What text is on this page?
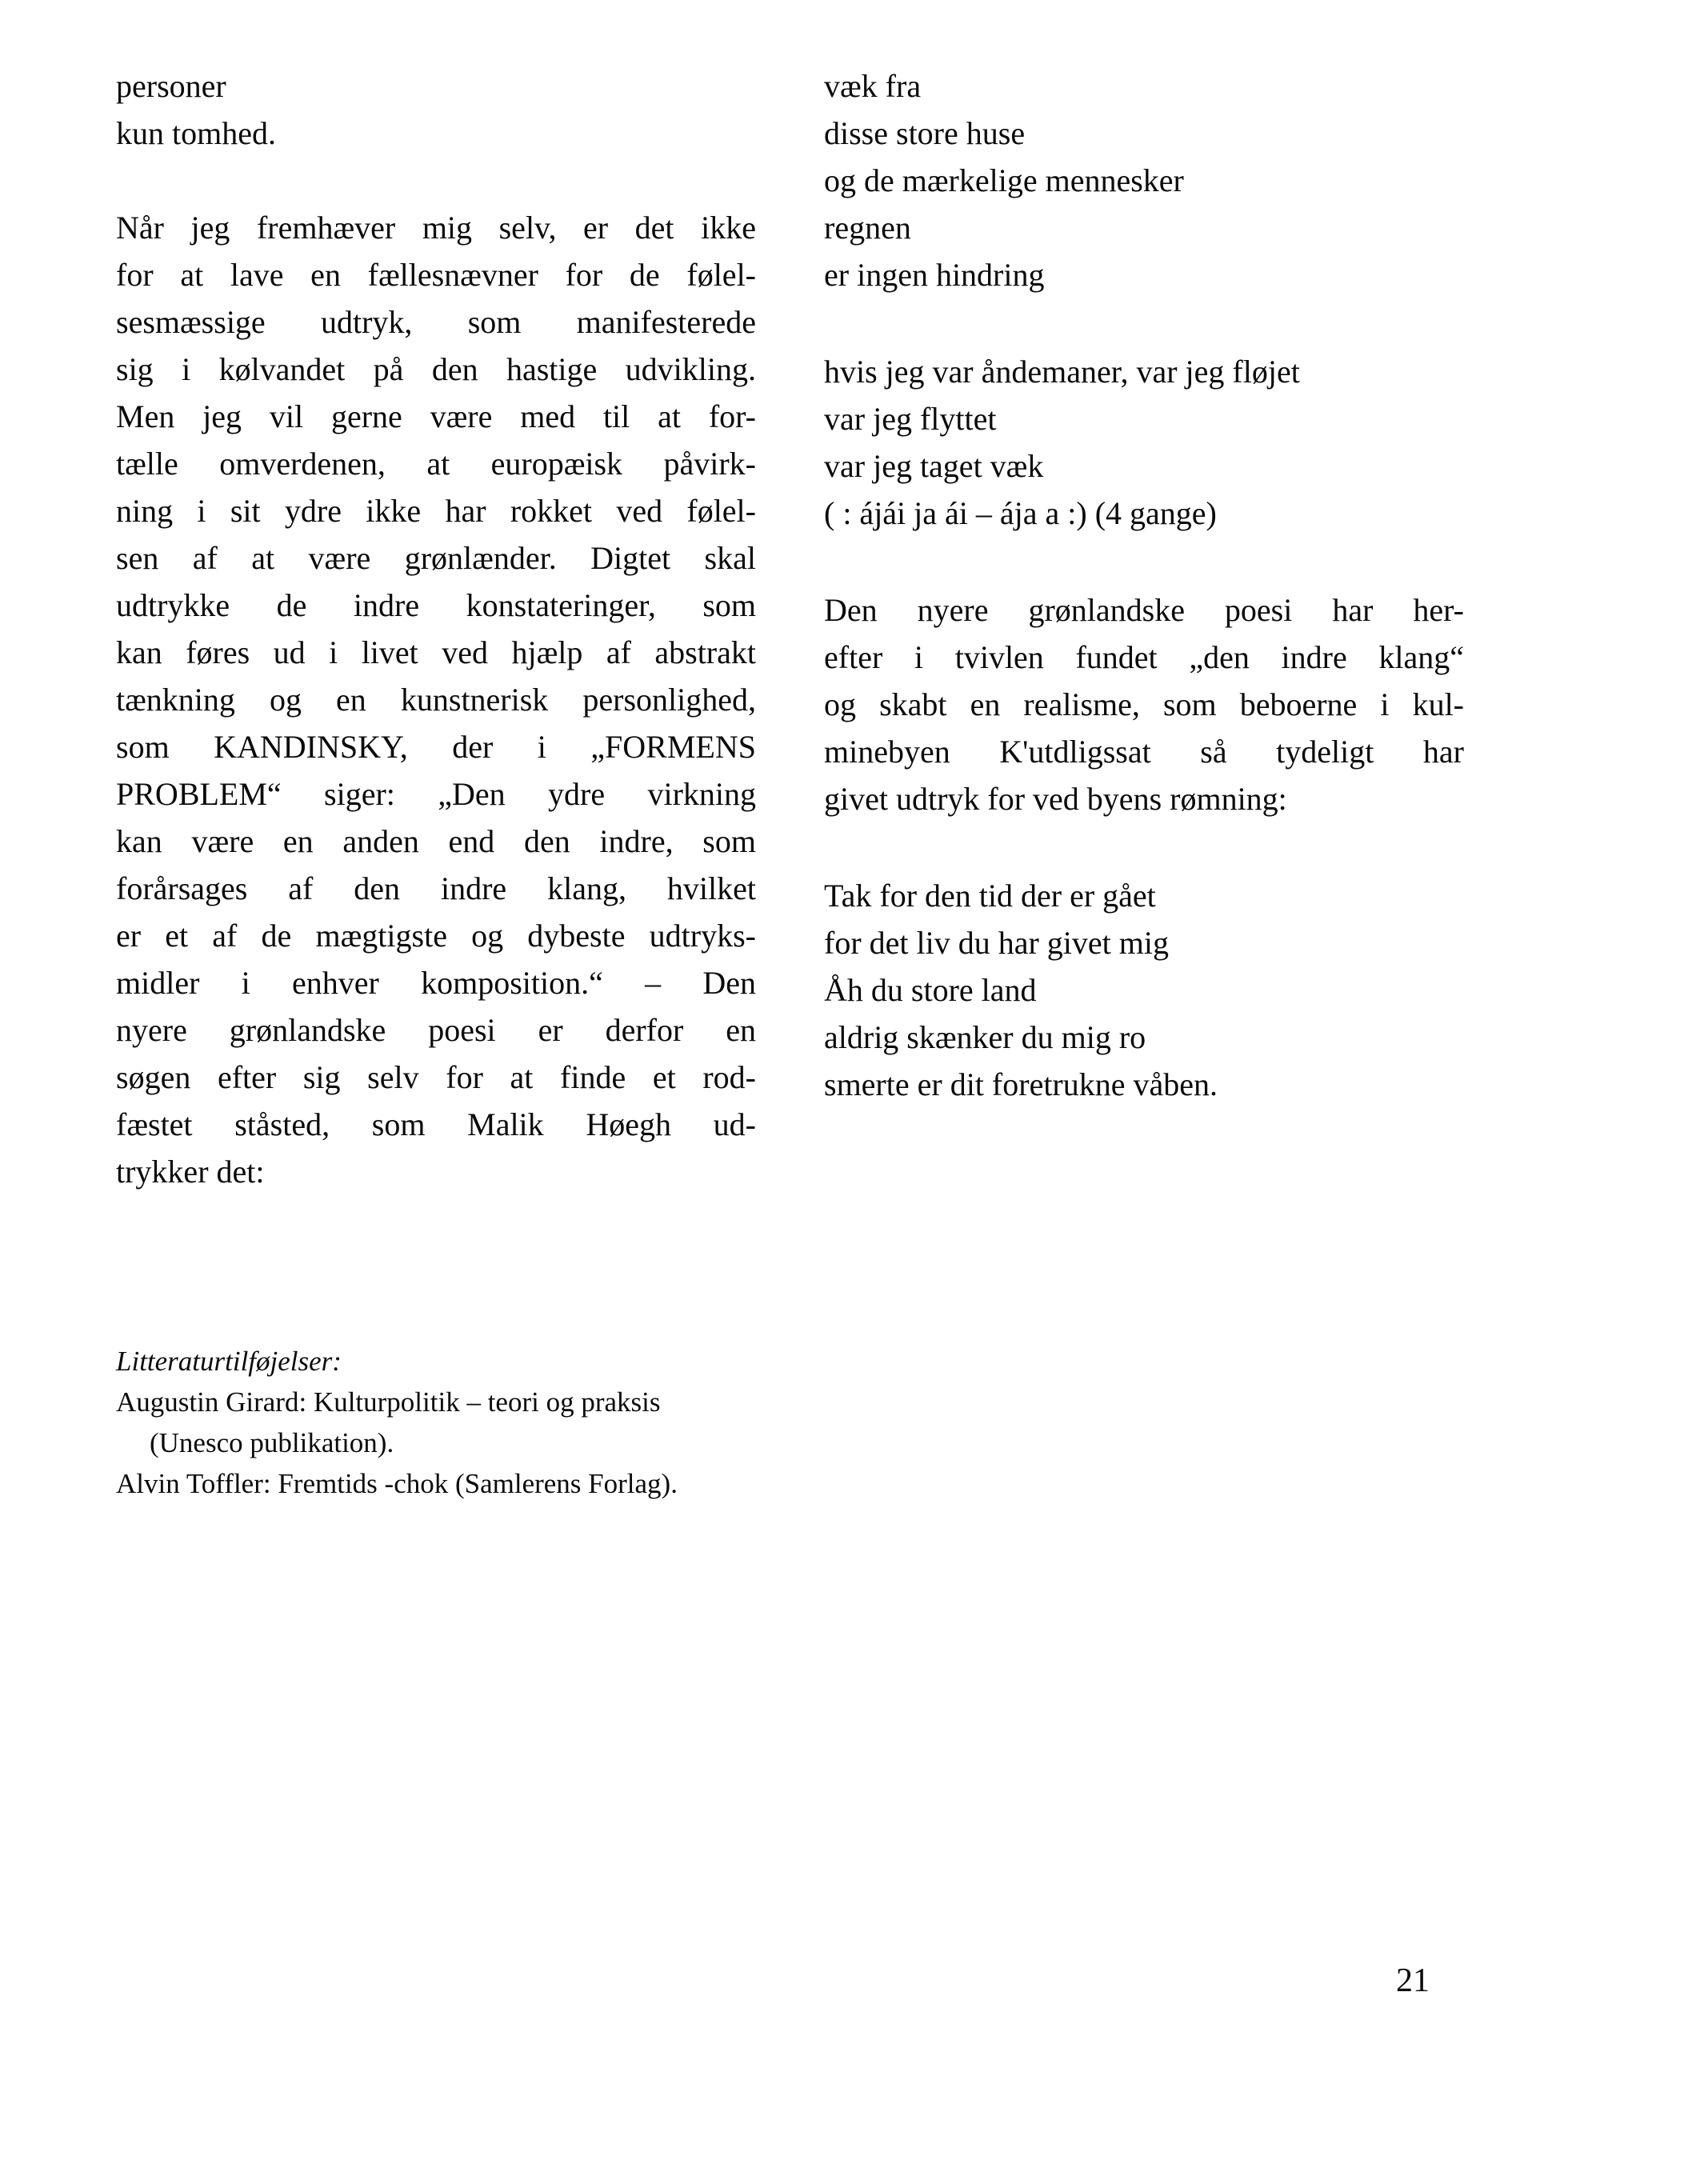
personer
kun tomhed.
Når jeg fremhæver mig selv, er det ikke
for at lave en fællesnævner for de følel-
sesmæssige udtryk, som manifesterede
sig i kølvandet på den hastige udvikling.
Men jeg vil gerne være med til at for-
tælle omverdenen, at europæisk påvirk-
ning i sit ydre ikke har rokket ved følel-
sen af at være grønlænder. Digtet skal
udtrykke de indre konstateringer, som
kan føres ud i livet ved hjælp af abstrakt
tænkning og en kunstnerisk personlighed,
som KANDINSKY, der i „FORMENS
PROBLEM“ siger: „Den ydre virkning
kan være en anden end den indre, som
forårsages af den indre klang, hvilket
er et af de mægtigste og dybeste udtryks-
midler i enhver komposition.“ – Den
nyere grønlandske poesi er derfor en
søgen efter sig selv for at finde et rod-
fæstet ståsted, som Malik Høegh ud-
trykker det:
væk fra
disse store huse
og de mærkelige mennesker
regnen
er ingen hindring
hvis jeg var åndemaner, var jeg fløjet
var jeg flyttet
var jeg taget væk
( : ájái ja ái – ája a :) (4 gange)
Den nyere grønlandske poesi har her-
efter i tvivlen fundet „den indre klang“
og skabt en realisme, som beboerne i kul-
minebyen K'utdligssat så tydeligt har
givet udtryk for ved byens rømning:
Tak for den tid der er gået
for det liv du har givet mig
Åh du store land
aldrig skænker du mig ro
smerte er dit foretrukne våben.
Litteraturtilføjelser:
Augustin Girard: Kulturpolitik – teori og praksis
(Unesco publikation).
Alvin Toffler: Fremtids -chok (Samlerens Forlag).
21
